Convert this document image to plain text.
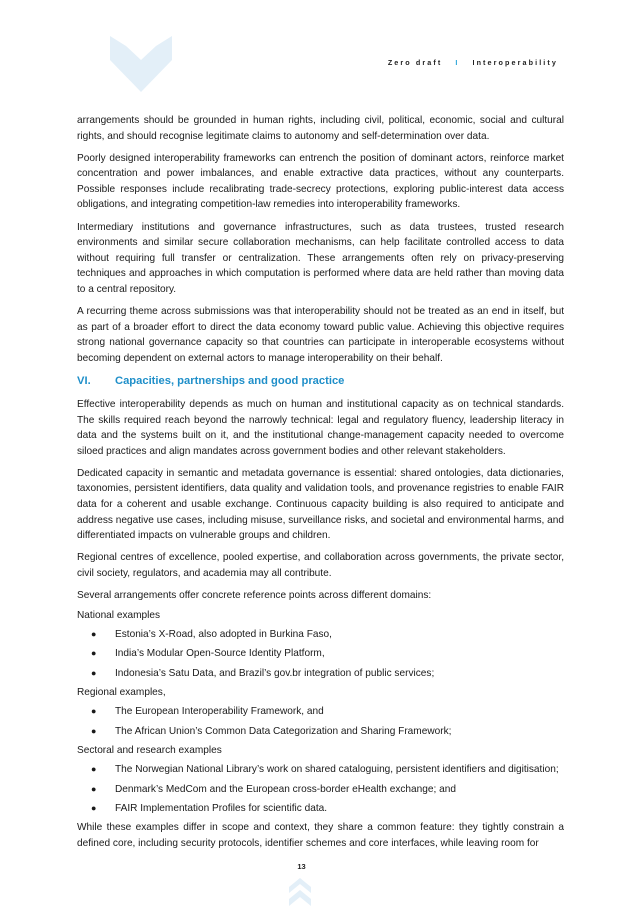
Zero draft I Interoperability

arrangements should be grounded in human rights, including civil, political, economic, social and cultural rights, and should recognise legitimate claims to autonomy and self-determination over data.

Poorly designed interoperability frameworks can entrench the position of dominant actors, reinforce market concentration and power imbalances, and enable extractive data practices, without any counterparts. Possible responses include recalibrating trade-secrecy protections, exploring public-interest data access obligations, and integrating competition-law remedies into interoperability frameworks.

Intermediary institutions and governance infrastructures, such as data trustees, trusted research environments and similar secure collaboration mechanisms, can help facilitate controlled access to data without requiring full transfer or centralization. These arrangements often rely on privacy-preserving techniques and approaches in which computation is performed where data are held rather than moving data to a central repository.

A recurring theme across submissions was that interoperability should not be treated as an end in itself, but as part of a broader effort to direct the data economy toward public value. Achieving this objective requires strong national governance capacity so that countries can participate in interoperable ecosystems without becoming dependent on external actors to manage interoperability on their behalf.

VI.	Capacities, partnerships and good practice

Effective interoperability depends as much on human and institutional capacity as on technical standards. The skills required reach beyond the narrowly technical: legal and regulatory fluency, leadership literacy in data and the systems built on it, and the institutional change-management capacity needed to overcome siloed practices and align mandates across government bodies and other relevant stakeholders.

Dedicated capacity in semantic and metadata governance is essential: shared ontologies, data dictionaries, taxonomies, persistent identifiers, data quality and validation tools, and provenance registries to enable FAIR data for a coherent and usable exchange. Continuous capacity building is also required to anticipate and address negative use cases, including misuse, surveillance risks, and societal and environmental harms, and differentiated impacts on vulnerable groups and children.

Regional centres of excellence, pooled expertise, and collaboration across governments, the private sector, civil society, regulators, and academia may all contribute.

Several arrangements offer concrete reference points across different domains:

National examples

● Estonia’s X-Road, also adopted in Burkina Faso,
● India’s Modular Open-Source Identity Platform,
● Indonesia’s Satu Data, and Brazil’s gov.br integration of public services;

Regional examples,

● The European Interoperability Framework, and
● The African Union’s Common Data Categorization and Sharing Framework;

Sectoral and research examples

● The Norwegian National Library’s work on shared cataloguing, persistent identifiers and digitisation;
● Denmark’s MedCom and the European cross-border eHealth exchange; and
● FAIR Implementation Profiles for scientific data.

While these examples differ in scope and context, they share a common feature: they tightly constrain a defined core, including security protocols, identifier schemes and core interfaces, while leaving room for

13
